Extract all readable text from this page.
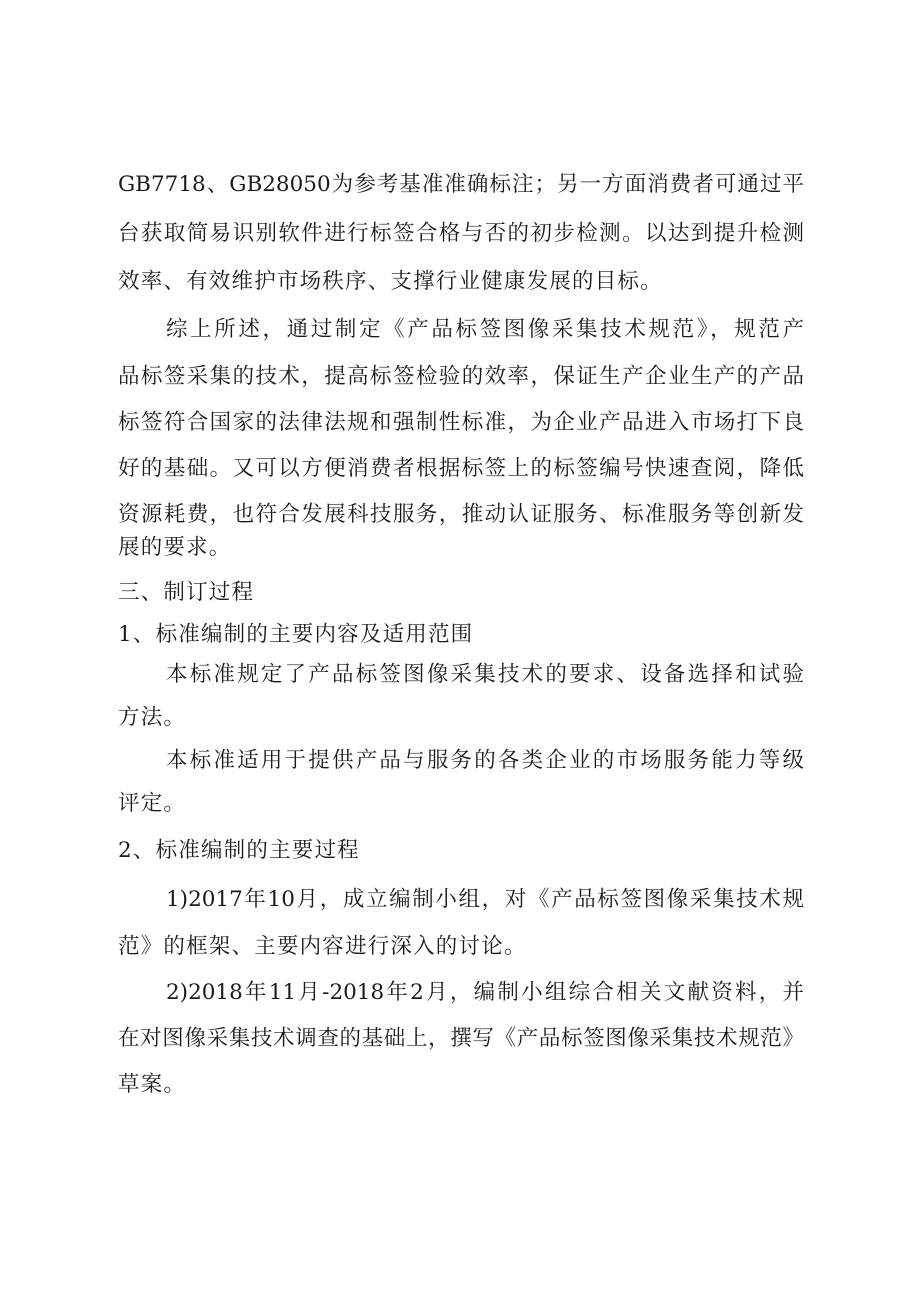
GB7718、GB28050为参考基准准确标注；另一方面消费者可通过平

台获取简易识别软件进行标签合格与否的初步检测。以达到提升检测

效率、有效维护市场秩序、支撑行业健康发展的目标。

综上所述，通过制定《产品标签图像采集技术规范》，规范产

品标签采集的技术，提高标签检验的效率，保证生产企业生产的产品

标签符合国家的法律法规和强制性标准，为企业产品进入市场打下良

好的基础。又可以方便消费者根据标签上的标签编号快速查阅，降低

资源耗费，也符合发展科技服务，推动认证服务、标准服务等创新发

展的要求。

三、制订过程

1、标准编制的主要内容及适用范围

本标准规定了产品标签图像采集技术的要求、设备选择和试验

方法。

本标准适用于提供产品与服务的各类企业的市场服务能力等级

评定。

2、标准编制的主要过程

1)2017年10月，成立编制小组，对《产品标签图像采集技术规

范》的框架、主要内容进行深入的讨论。

2)2018年11月-2018年2月，编制小组综合相关文献资料，并

在对图像采集技术调查的基础上，撰写《产品标签图像采集技术规范》

草案。
